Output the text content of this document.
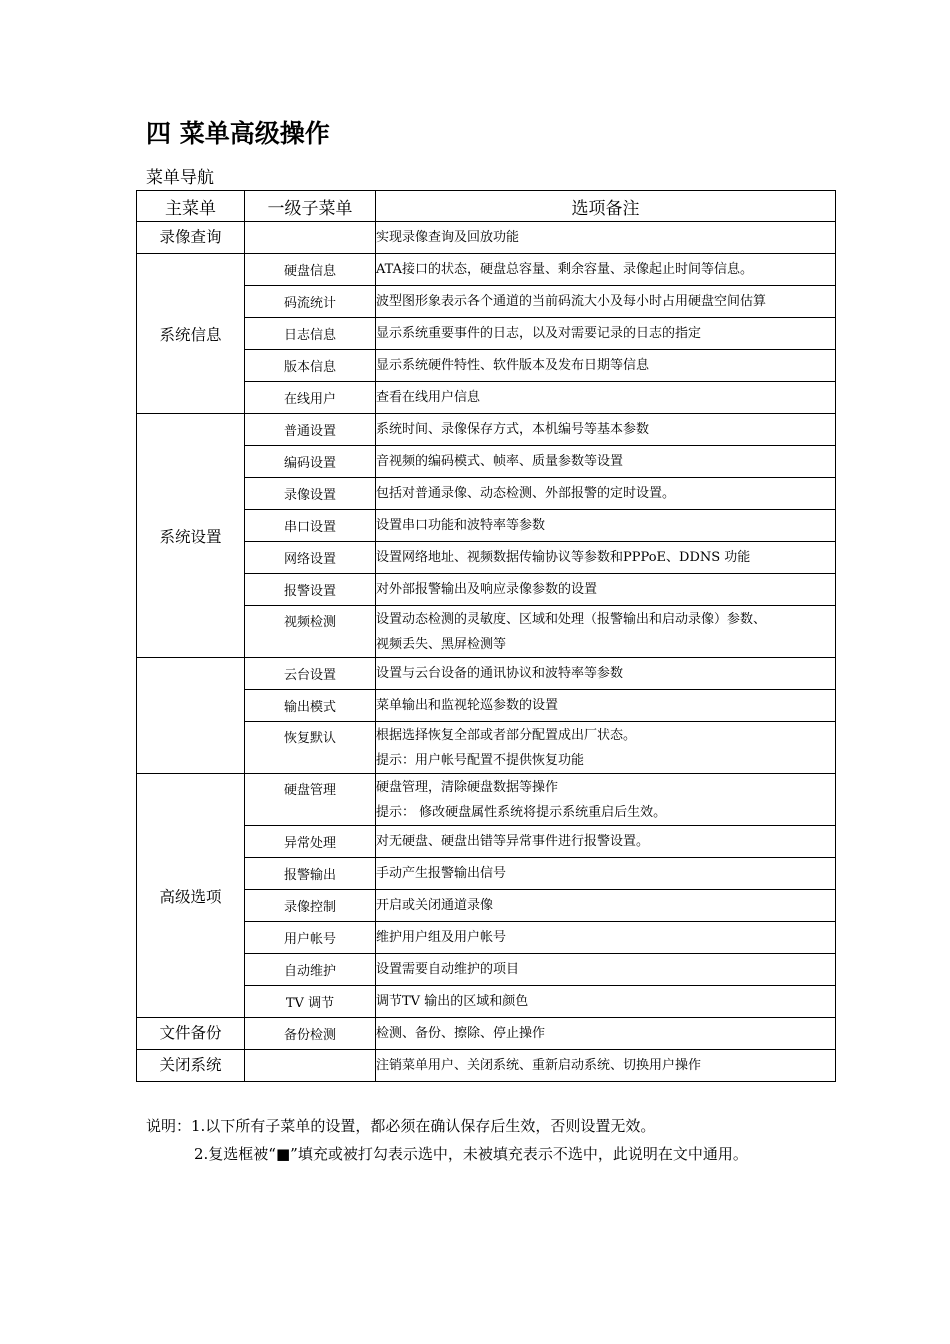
四 菜单高级操作
菜单导航
主菜单	一级子菜单	选项备注
录像查询		实现录像查询及回放功能

系统信息	硬盘信息	ATA接口的状态，硬盘总容量、剩余容量、录像起止时间等信息。

	码流统计	波型图形象表示各个通道的当前码流大小及每小时占用硬盘空间估算

	日志信息	显示系统重要事件的日志，以及对需要记录的日志的指定

	版本信息	显示系统硬件特性、软件版本及发布日期等信息

	在线用户	查看在线用户信息

系统设置	普通设置	系统时间、录像保存方式，本机编号等基本参数

	编码设置	音视频的编码模式、帧率、质量参数等设置

	录像设置	包括对普通录像、动态检测、外部报警的定时设置。

	串口设置	设置串口功能和波特率等参数

	网络设置	设置网络地址、视频数据传输协议等参数和PPPoE、DDNS 功能

	报警设置	对外部报警输出及响应录像参数的设置

	视频检测	设置动态检测的灵敏度、区域和处理（报警输出和启动录像）参数、
视频丢失、黑屏检测等

	云台设置	设置与云台设备的通讯协议和波特率等参数

	输出模式	菜单输出和监视轮巡参数的设置

	恢复默认	根据选择恢复全部或者部分配置成出厂状态。
提示：用户帐号配置不提供恢复功能

高级选项	硬盘管理	硬盘管理，清除硬盘数据等操作
提示： 修改硬盘属性系统将提示系统重启后生效。

	异常处理	对无硬盘、硬盘出错等异常事件进行报警设置。

	报警输出	手动产生报警输出信号

	录像控制	开启或关闭通道录像

	用户帐号	维护用户组及用户帐号

	自动维护	设置需要自动维护的项目

	TV 调节	调节TV 输出的区域和颜色

文件备份	备份检测	检测、备份、擦除、停止操作

关闭系统		注销菜单用户、关闭系统、重新启动系统、切换用户操作
说明：1.以下所有子菜单的设置，都必须在确认保存后生效，否则设置无效。
2.复选框被“■”填充或被打勾表示选中，未被填充表示不选中，此说明在文中通用。
